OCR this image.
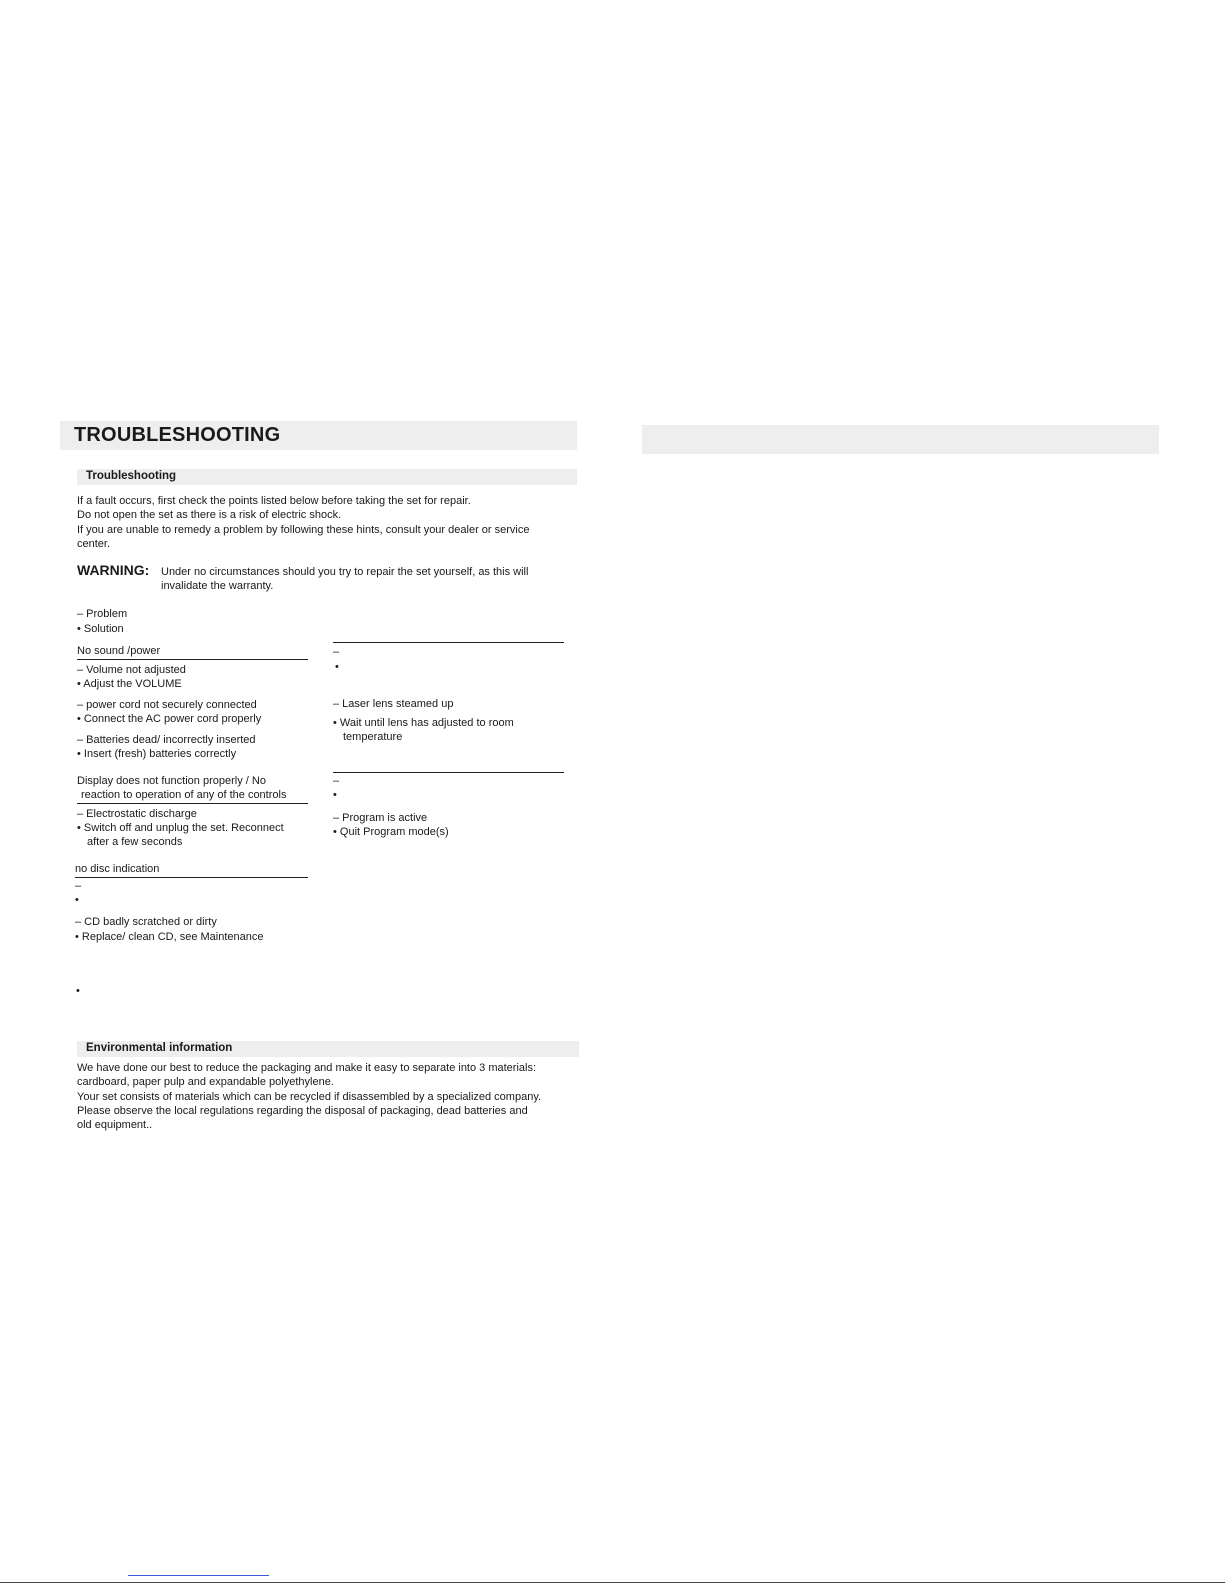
TROUBLESHOOTING
Troubleshooting
If a fault occurs, first check the points listed below before taking the set for repair.
Do not open the set as there is a risk of electric shock.
If you are unable to remedy a problem by following these hints, consult your dealer or service
center.
WARNING: Under no circumstances should you try to repair the set yourself, as this will
invalidate the warranty.
– Problem
• Solution
No sound /power
– Volume not adjusted
• Adjust the VOLUME
– power cord not securely connected
• Connect the AC power cord properly
– Batteries dead/ incorrectly inserted
• Insert (fresh) batteries correctly
Display does not function properly / No
reaction to operation of any of the controls
– Electrostatic discharge
• Switch off and unplug the set. Reconnect
after a few seconds
no disc indication
–
•
– CD badly scratched or dirty
• Replace/ clean CD, see Maintenance
•
–
•
– Laser lens steamed up
• Wait until lens has adjusted to room
temperature
–
•
– Program is active
• Quit Program mode(s)
Environmental information
We have done our best to reduce the packaging and make it easy to separate into 3 materials:
cardboard, paper pulp and expandable polyethylene.
Your set consists of materials which can be recycled if disassembled by a specialized company.
Please observe the local regulations regarding the disposal of packaging, dead batteries and
old equipment..
